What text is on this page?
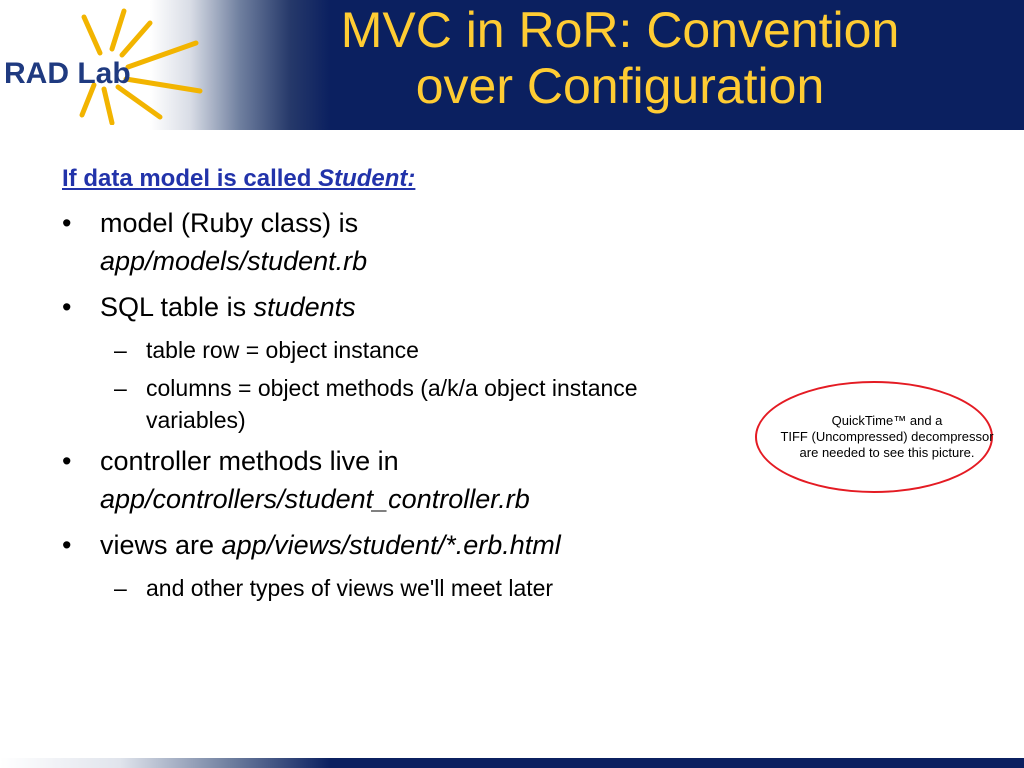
RAD Lab
MVC in RoR: Convention
over Configuration
If data model is called Student:
• model (Ruby class) is
app/models/student.rb
• SQL table is students
– table row = object instance
– columns = object methods (a/k/a object instance variables)
• controller methods live in
app/controllers/student_controller.rb
• views are app/views/student/*.erb.html
– and other types of views we'll meet later
QuickTime™ and a
TIFF (Uncompressed) decompressor
are needed to see this picture.
